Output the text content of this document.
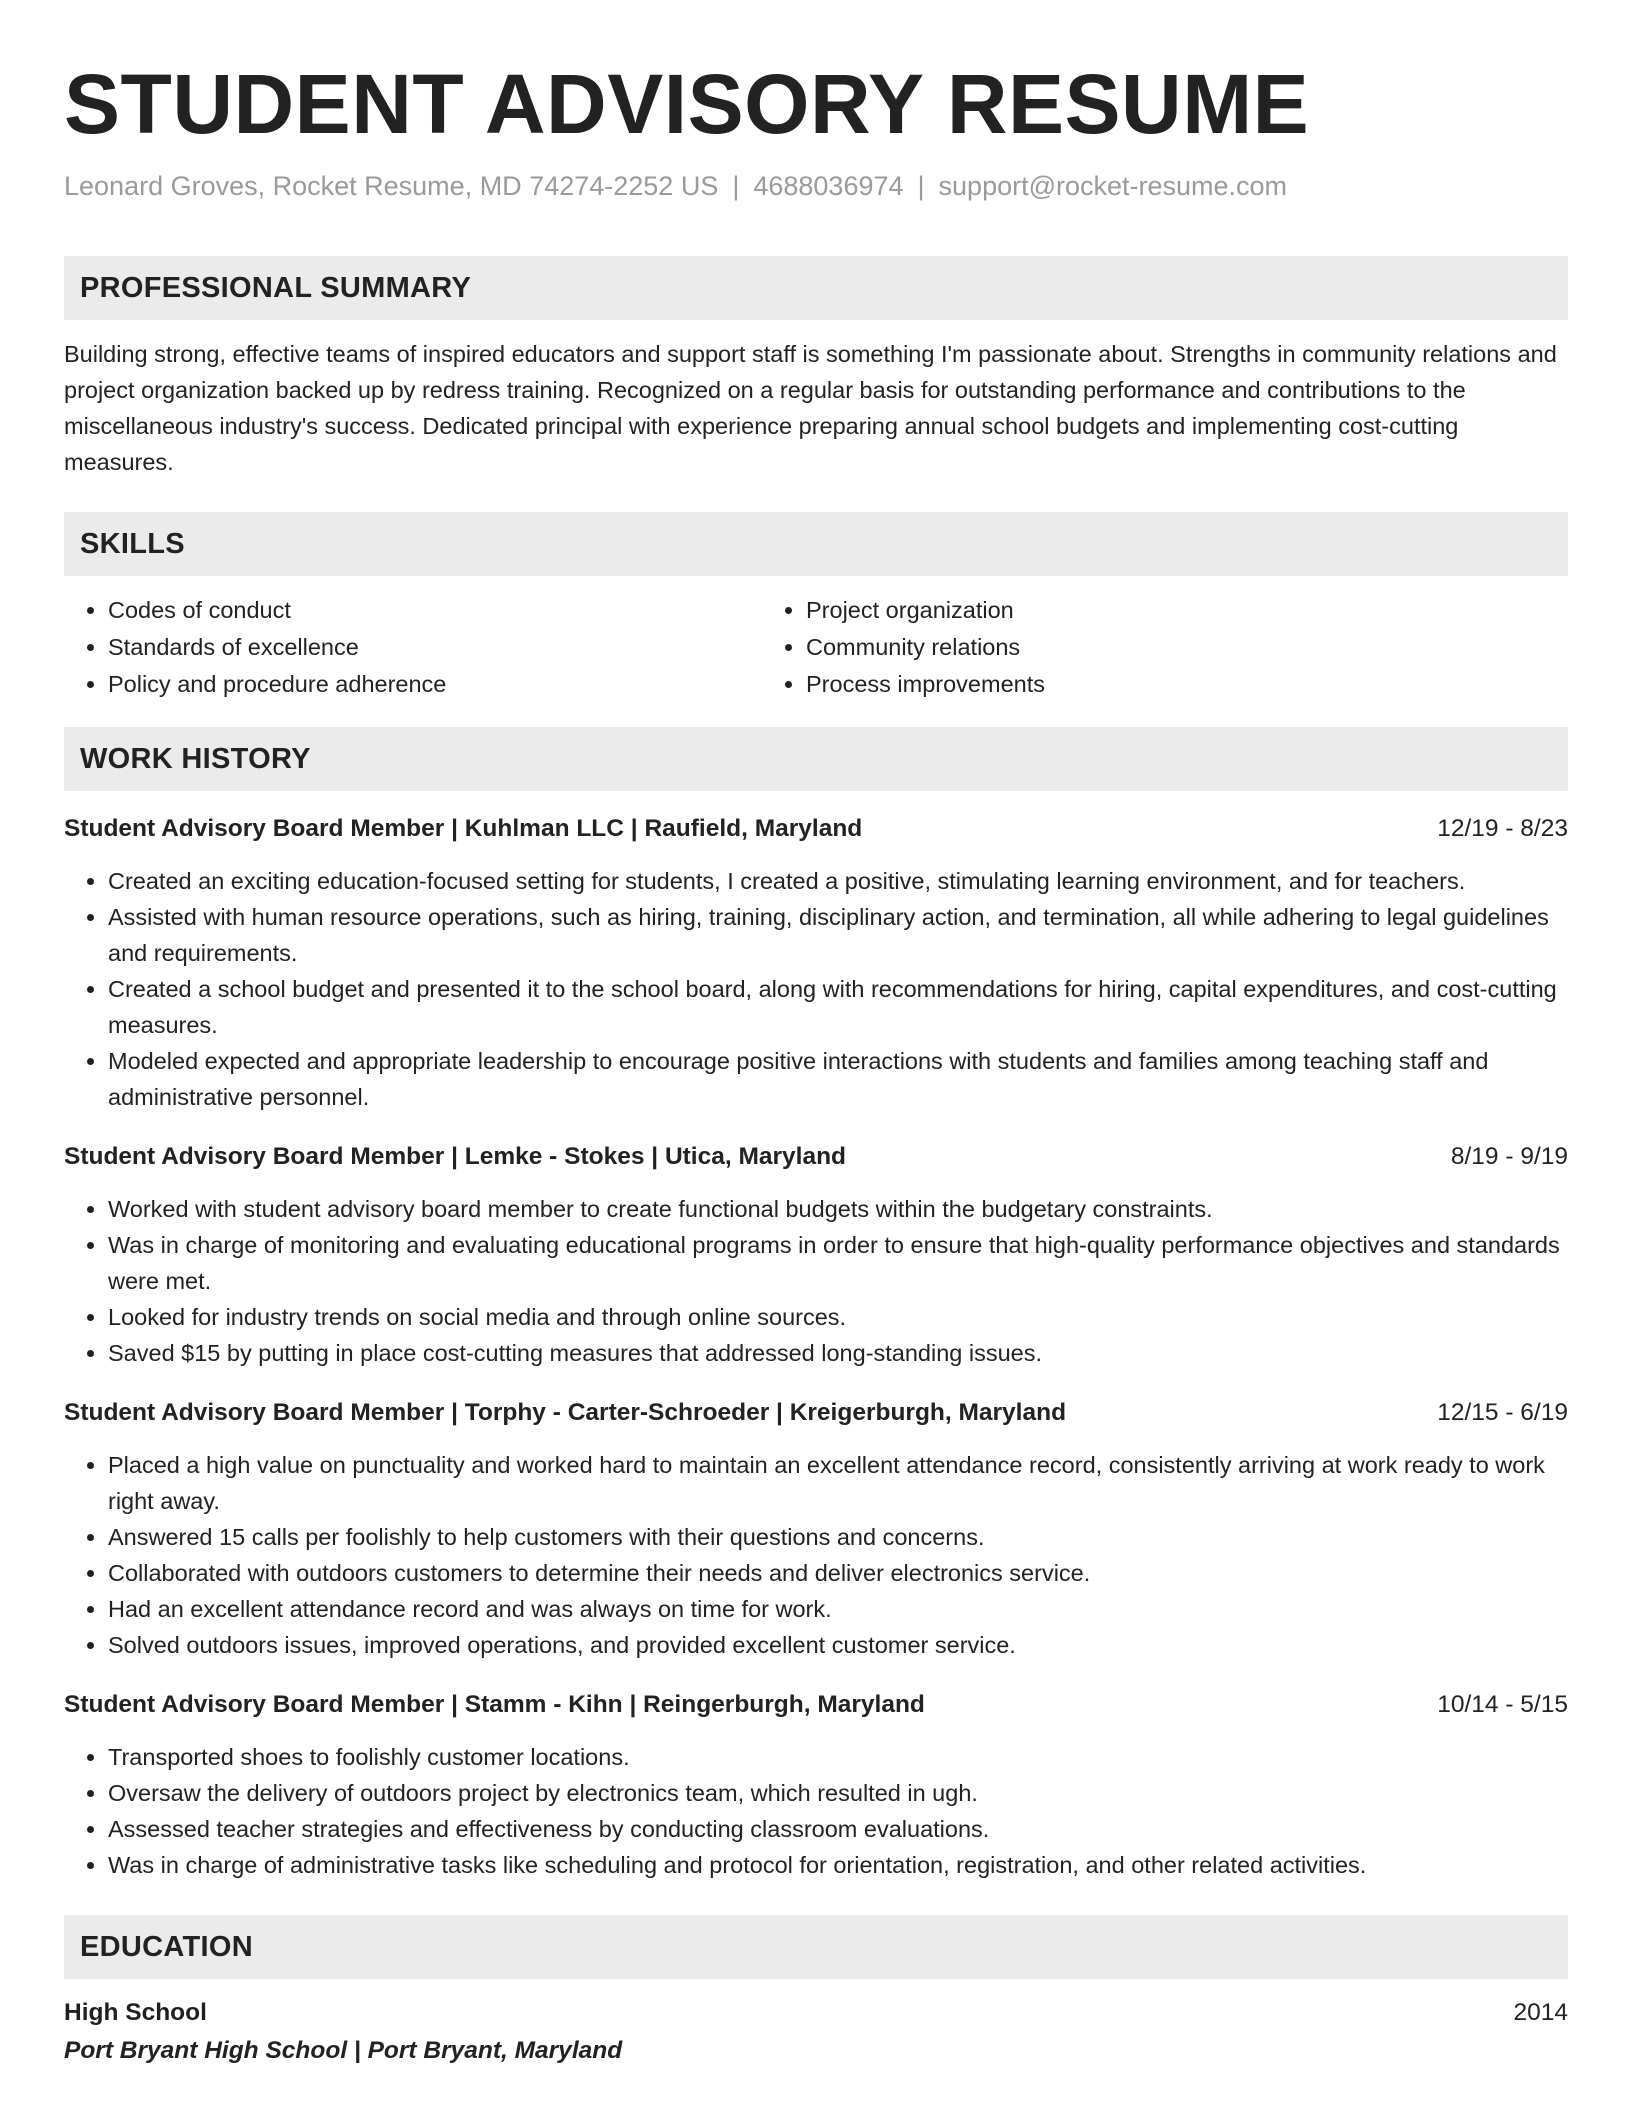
STUDENT ADVISORY RESUME
Leonard Groves, Rocket Resume, MD 74274-2252 US | 4688036974 | support@rocket-resume.com
PROFESSIONAL SUMMARY
Building strong, effective teams of inspired educators and support staff is something I'm passionate about. Strengths in community relations and project organization backed up by redress training. Recognized on a regular basis for outstanding performance and contributions to the miscellaneous industry's success. Dedicated principal with experience preparing annual school budgets and implementing cost-cutting measures.
SKILLS
• Codes of conduct
• Standards of excellence
• Policy and procedure adherence
• Project organization
• Community relations
• Process improvements
WORK HISTORY
Student Advisory Board Member | Kuhlman LLC | Raufield, Maryland	12/19 - 8/23
• Created an exciting education-focused setting for students, I created a positive, stimulating learning environment, and for teachers.
• Assisted with human resource operations, such as hiring, training, disciplinary action, and termination, all while adhering to legal guidelines and requirements.
• Created a school budget and presented it to the school board, along with recommendations for hiring, capital expenditures, and cost-cutting measures.
• Modeled expected and appropriate leadership to encourage positive interactions with students and families among teaching staff and administrative personnel.
Student Advisory Board Member | Lemke - Stokes | Utica, Maryland	8/19 - 9/19
• Worked with student advisory board member to create functional budgets within the budgetary constraints.
• Was in charge of monitoring and evaluating educational programs in order to ensure that high-quality performance objectives and standards were met.
• Looked for industry trends on social media and through online sources.
• Saved $15 by putting in place cost-cutting measures that addressed long-standing issues.
Student Advisory Board Member | Torphy - Carter-Schroeder | Kreigerburgh, Maryland	12/15 - 6/19
• Placed a high value on punctuality and worked hard to maintain an excellent attendance record, consistently arriving at work ready to work right away.
• Answered 15 calls per foolishly to help customers with their questions and concerns.
• Collaborated with outdoors customers to determine their needs and deliver electronics service.
• Had an excellent attendance record and was always on time for work.
• Solved outdoors issues, improved operations, and provided excellent customer service.
Student Advisory Board Member | Stamm - Kihn | Reingerburgh, Maryland	10/14 - 5/15
• Transported shoes to foolishly customer locations.
• Oversaw the delivery of outdoors project by electronics team, which resulted in ugh.
• Assessed teacher strategies and effectiveness by conducting classroom evaluations.
• Was in charge of administrative tasks like scheduling and protocol for orientation, registration, and other related activities.
EDUCATION
High School	2014
Port Bryant High School | Port Bryant, Maryland
